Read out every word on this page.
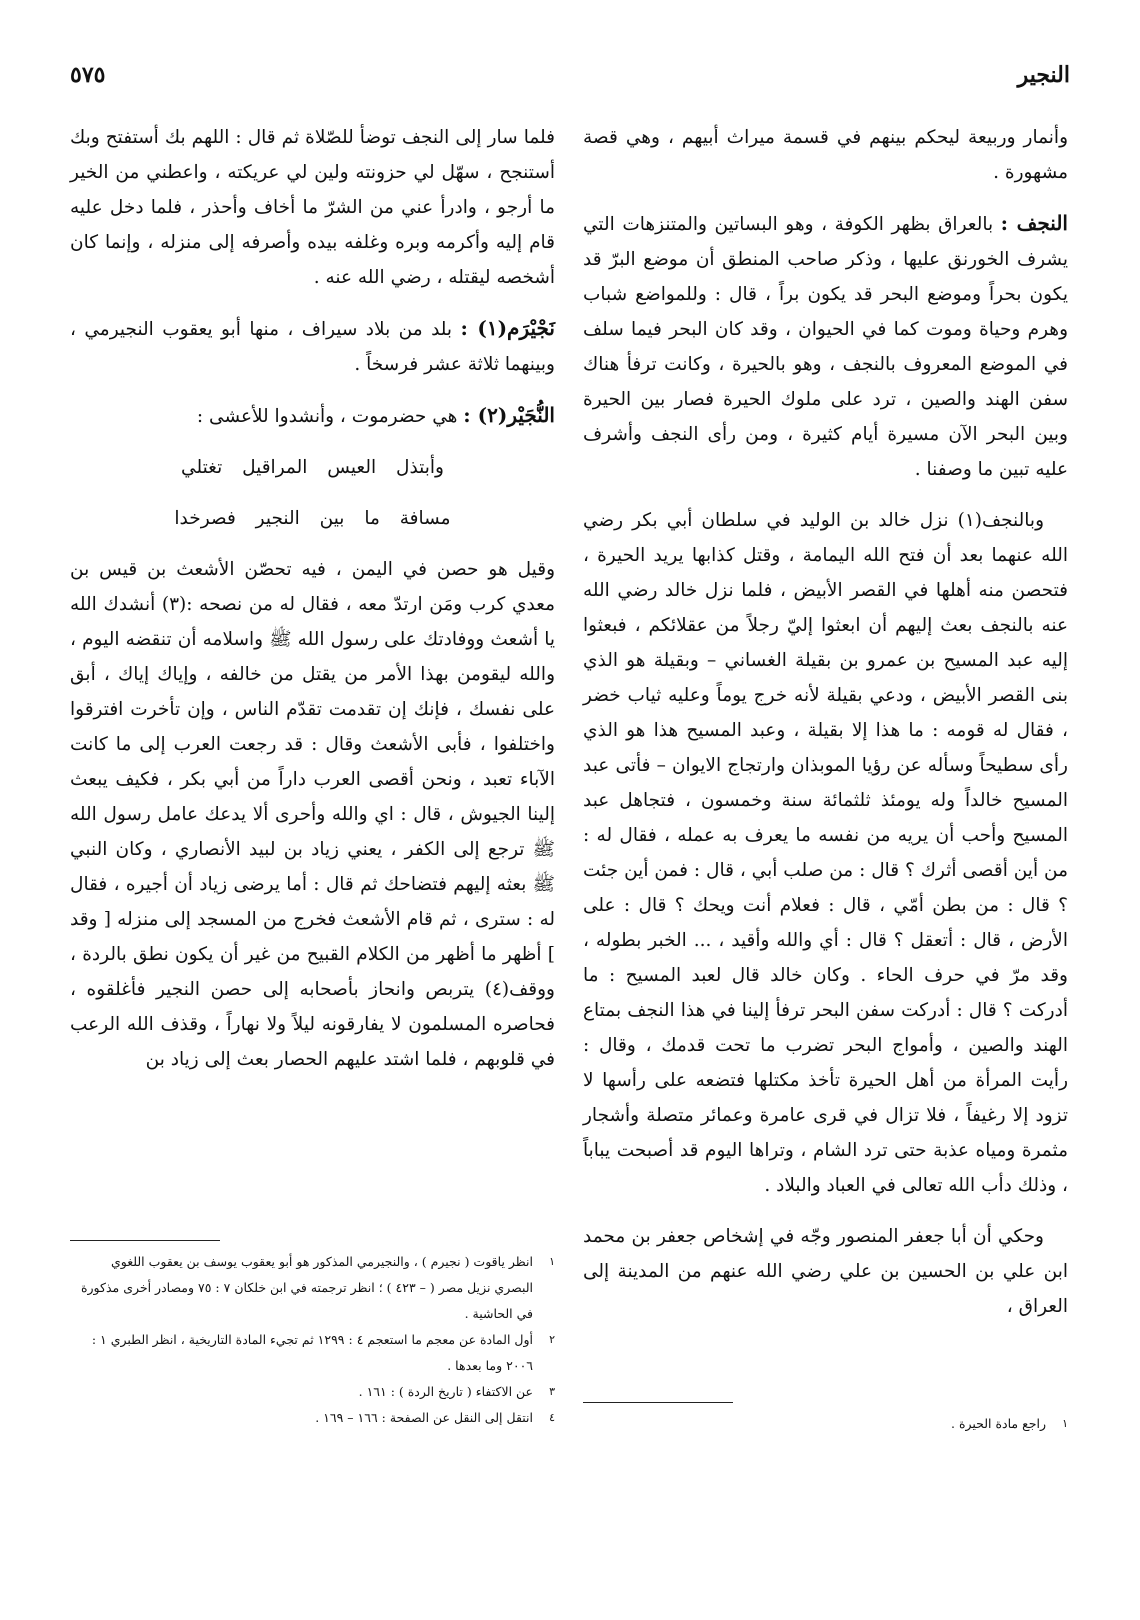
النجير
٥٧٥

وأنمار وربيعة ليحكم بينهم في قسمة ميراث أبيهم ، وهي قصة مشهورة .

النجف : بالعراق بظهر الكوفة ، وهو البساتين والمتنزهات التي يشرف الخورنق عليها ، وذكر صاحب المنطق أن موضع البرّ قد يكون بحراً وموضع البحر قد يكون براً ، قال : وللمواضع شباب وهرم وحياة وموت كما في الحيوان ، وقد كان البحر فيما سلف في الموضع المعروف بالنجف ، وهو بالحيرة ، وكانت ترفأ هناك سفن الهند والصين ، ترد على ملوك الحيرة فصار بين الحيرة وبين البحر الآن مسيرة أيام كثيرة ، ومن رأى النجف وأشرف عليه تبين ما وصفنا .

وبالنجف(١) نزل خالد بن الوليد في سلطان أبي بكر رضي الله عنهما بعد أن فتح الله اليمامة ، وقتل كذابها يريد الحيرة ، فتحصن منه أهلها في القصر الأبيض ، فلما نزل خالد رضي الله عنه بالنجف بعث إليهم أن ابعثوا إليّ رجلاً من عقلائكم ، فبعثوا إليه عبد المسيح بن عمرو بن بقيلة الغساني – وبقيلة هو الذي بنى القصر الأبيض ، ودعي بقيلة لأنه خرج يوماً وعليه ثياب خضر ، فقال له قومه : ما هذا إلا بقيلة ، وعبد المسيح هذا هو الذي رأى سطيحاً وسأله عن رؤيا الموبذان وارتجاج الايوان – فأتى عبد المسيح خالداً وله يومئذ ثلثمائة سنة وخمسون ، فتجاهل عبد المسيح وأحب أن يريه من نفسه ما يعرف به عمله ، فقال له : من أين أقصى أثرك ؟ قال : من صلب أبي ، قال : فمن أين جئت ؟ قال : من بطن أمّي ، قال : فعلام أنت ويحك ؟ قال : على الأرض ، قال : أتعقل ؟ قال : أي والله وأقيد ، ... الخبر بطوله ، وقد مرّ في حرف الحاء . وكان خالد قال لعبد المسيح : ما أدركت ؟ قال : أدركت سفن البحر ترفأ إلينا في هذا النجف بمتاع الهند والصين ، وأمواج البحر تضرب ما تحت قدمك ، وقال : رأيت المرأة من أهل الحيرة تأخذ مكتلها فتضعه على رأسها لا تزود إلا رغيفاً ، فلا تزال في قرى عامرة وعمائر متصلة وأشجار مثمرة ومياه عذبة حتى ترد الشام ، وتراها اليوم قد أصبحت يباباً ، وذلك دأب الله تعالى في العباد والبلاد .

وحكي أن أبا جعفر المنصور وجّه في إشخاص جعفر بن محمد ابن علي بن الحسين بن علي رضي الله عنهم من المدينة إلى العراق ،

فلما سار إلى النجف توضأ للصّلاة ثم قال : اللهم بك أستفتح وبك أستنجح ، سهّل لي حزونته ولين لي عريكته ، واعطني من الخير ما أرجو ، وادرأ عني من الشرّ ما أخاف وأحذر ، فلما دخل عليه قام إليه وأكرمه وبره وغلفه بيده وأصرفه إلى منزله ، وإنما كان أشخصه ليقتله ، رضي الله عنه .

نَجْيْرَم(١) : بلد من بلاد سيراف ، منها أبو يعقوب النجيرمي ، وبينهما ثلاثة عشر فرسخاً .

النُّجَيْر(٢) : هي حضرموت ، وأنشدوا للأعشى :

وأبتذل العيس المراقيل تغتلي

مسافة ما بين النجير فصرخدا

وقيل هو حصن في اليمن ، فيه تحصّن الأشعث بن قيس بن معدي كرب ومَن ارتدّ معه ، فقال له من نصحه :(٣) أنشدك الله يا أشعث ووفادتك على رسول الله ﷺ واسلامه أن تنقضه اليوم ، والله ليقومن بهذا الأمر من يقتل من خالفه ، وإياك إياك ، أبق على نفسك ، فإنك إن تقدمت تقدّم الناس ، وإن تأخرت افترقوا واختلفوا ، فأبى الأشعث وقال : قد رجعت العرب إلى ما كانت الآباء تعبد ، ونحن أقصى العرب داراً من أبي بكر ، فكيف يبعث إلينا الجيوش ، قال : اي والله وأحرى ألا يدعك عامل رسول الله ﷺ ترجع إلى الكفر ، يعني زياد بن لبيد الأنصاري ، وكان النبي ﷺ بعثه إليهم فتضاحك ثم قال : أما يرضى زياد أن أجيره ، فقال له : سترى ، ثم قام الأشعث فخرج من المسجد إلى منزله [ وقد ] أظهر ما أظهر من الكلام القبيح من غير أن يكون نطق بالردة ، ووقف(٤) يتربص وانحاز بأصحابه إلى حصن النجير فأغلقوه ، فحاصره المسلمون لا يفارقونه ليلاً ولا نهاراً ، وقذف الله الرعب في قلوبهم ، فلما اشتد عليهم الحصار بعث إلى زياد بن

١
انظر ياقوت ( نجيرم ) ، والنجيرمي المذكور هو أبو يعقوب يوسف بن يعقوب اللغوي البصري نزيل مصر ( – ٤٢٣ ) ؛ انظر ترجمته في ابن خلكان ٧ : ٧٥ ومصادر أخرى مذكورة في الحاشية .

٢
أول المادة عن معجم ما استعجم ٤ : ١٢٩٩ ثم تجيء المادة التاريخية ، انظر الطبري ١ : ٢٠٠٦ وما بعدها .

٣
عن الاكتفاء ( تاريخ الردة ) : ١٦١ .

٤
انتقل إلى النقل عن الصفحة : ١٦٦ – ١٦٩ .	١
راجع مادة الحيرة .
